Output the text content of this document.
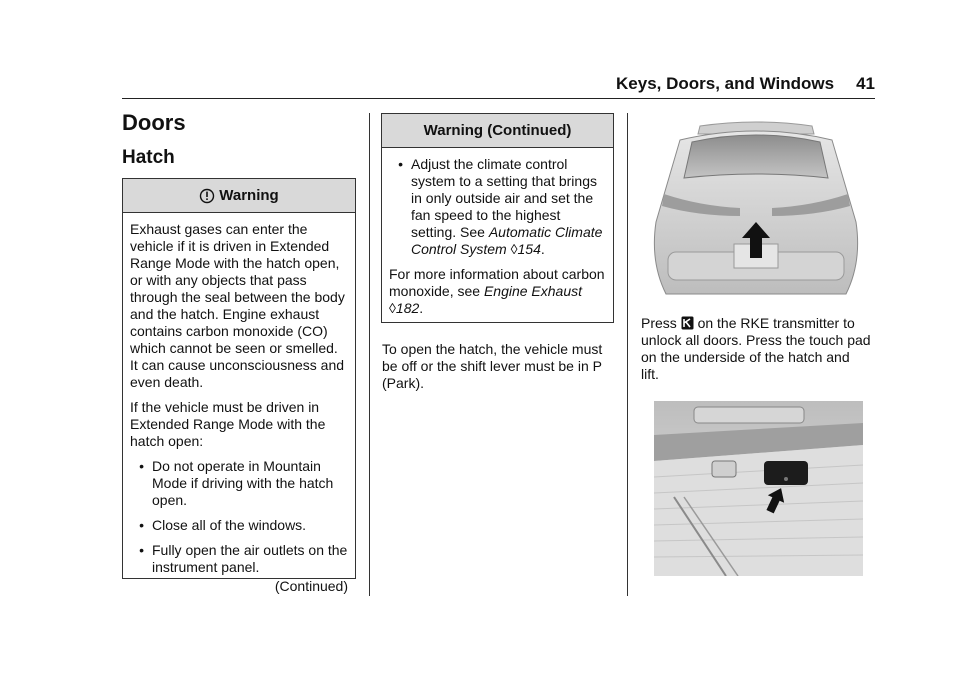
Keys, Doors, and Windows 41
Doors
Hatch
Warning

Exhaust gases can enter the vehicle if it is driven in Extended Range Mode with the hatch open, or with any objects that pass through the seal between the body and the hatch. Engine exhaust contains carbon monoxide (CO) which cannot be seen or smelled. It can cause unconsciousness and even death.

If the vehicle must be driven in Extended Range Mode with the hatch open:

• Do not operate in Mountain Mode if driving with the hatch open.
• Close all of the windows.
• Fully open the air outlets on the instrument panel.
(Continued)
Warning (Continued)
• Adjust the climate control system to a setting that brings in only outside air and set the fan speed to the highest setting. See Automatic Climate Control System ◊154.

For more information about carbon monoxide, see Engine Exhaust ◊182.

To open the hatch, the vehicle must be off or the shift lever must be in P (Park).
Press on the RKE transmitter to unlock all doors. Press the touch pad on the underside of the hatch and lift.
